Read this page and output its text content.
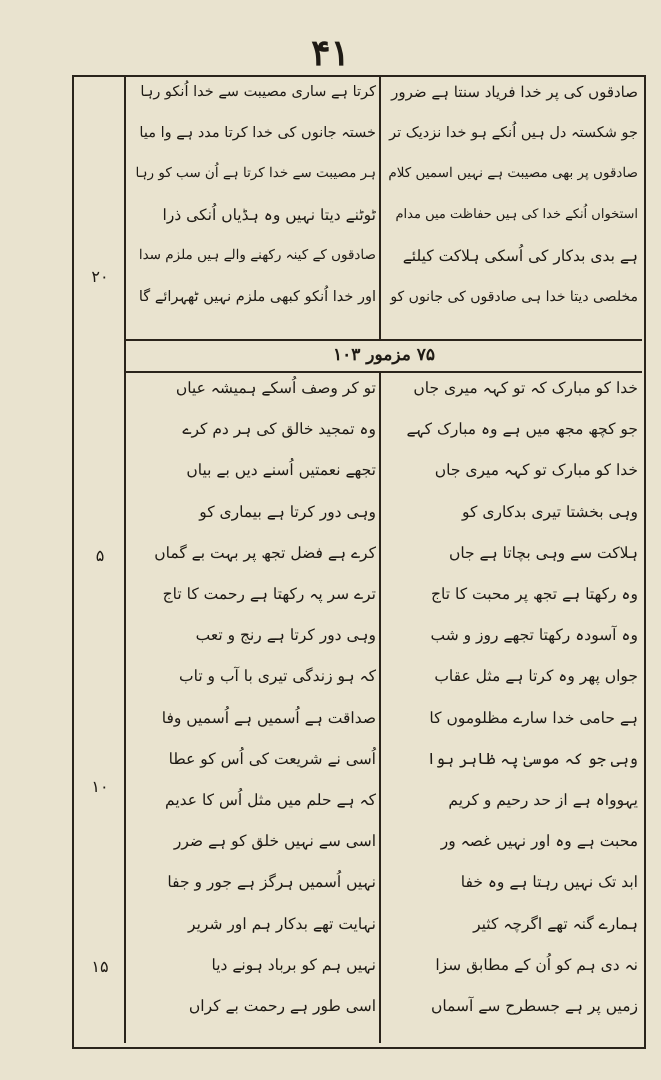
۴۱
۷۵ مزمور ۱۰۳
۲۰
۵
۱۰
۱۵
صادقوں کی پر خدا فریاد سنتا ہے ضرور
جو شکستہ دل ہیں اُنکے ہو خدا نزدیک تر
صادقوں پر بھی مصیبت ہے نہیں اسمیں کلام
استخواں اُنکے خدا کی ہیں حفاظت میں مدام
ہے بدی بدکار کی اُسکی ہلاکت کیلئے
مخلصی دیتا خدا ہی صادقوں کی جانوں کو
کرتا ہے ساری مصیبت سے خدا اُنکو رہا
خستہ جانوں کی خدا کرتا مدد ہے وا میا
ہر مصیبت سے خدا کرتا ہے اُن سب کو رہا
ٹوٹنے دیتا نہیں وہ ہڈیاں اُنکی ذرا
صادقوں کے کینہ رکھنے والے ہیں ملزم سدا
اور خدا اُنکو کبھی ملزم نہیں ٹھہرائے گا
خدا کو مبارک کہ تو کہہ میری جاں
جو کچھ مجھ میں ہے وہ مبارک کہے
خدا کو مبارک تو کہہ میری جاں
وہی بخشتا تیری بدکاری کو
ہلاکت سے وہی بچاتا ہے جاں
وہ رکھتا ہے تجھ پر محبت کا تاج
وہ آسودہ رکھتا تجھے روز و شب
جواں پھر وہ کرتا ہے مثل عقاب
ہے حامی خدا سارے مظلوموں کا
وہی جو کہ موسیٰ پہ ظاہر ہوا
یہوواہ ہے از حد رحیم و کریم
محبت ہے وہ اور نہیں غصہ ور
ابد تک نہیں رہتا ہے وہ خفا
ہمارے گنہ تھے اگرچہ کثیر
نہ دی ہم کو اُن کے مطابق سزا
زمیں پر ہے جسطرح سے آسماں
تو کر وصف اُسکے ہمیشہ عیاں
وہ تمجید خالق کی ہر دم کرے
تجھے نعمتیں اُسنے دیں بے بیاں
وہی دور کرتا ہے بیماری کو
کرے ہے فضل تجھ پر بہت بے گماں
ترے سر پہ رکھتا ہے رحمت کا تاج
وہی دور کرتا ہے رنج و تعب
کہ ہو زندگی تیری با آب و تاب
صداقت ہے اُسمیں ہے اُسمیں وفا
اُسی نے شریعت کی اُس کو عطا
کہ ہے حلم میں مثل اُس کا عدیم
اسی سے نہیں خلق کو ہے ضرر
نہیں اُسمیں ہرگز ہے جور و جفا
نہایت تھے بدکار ہم اور شریر
نہیں ہم کو برباد ہونے دیا
اسی طور ہے رحمت بے کراں
